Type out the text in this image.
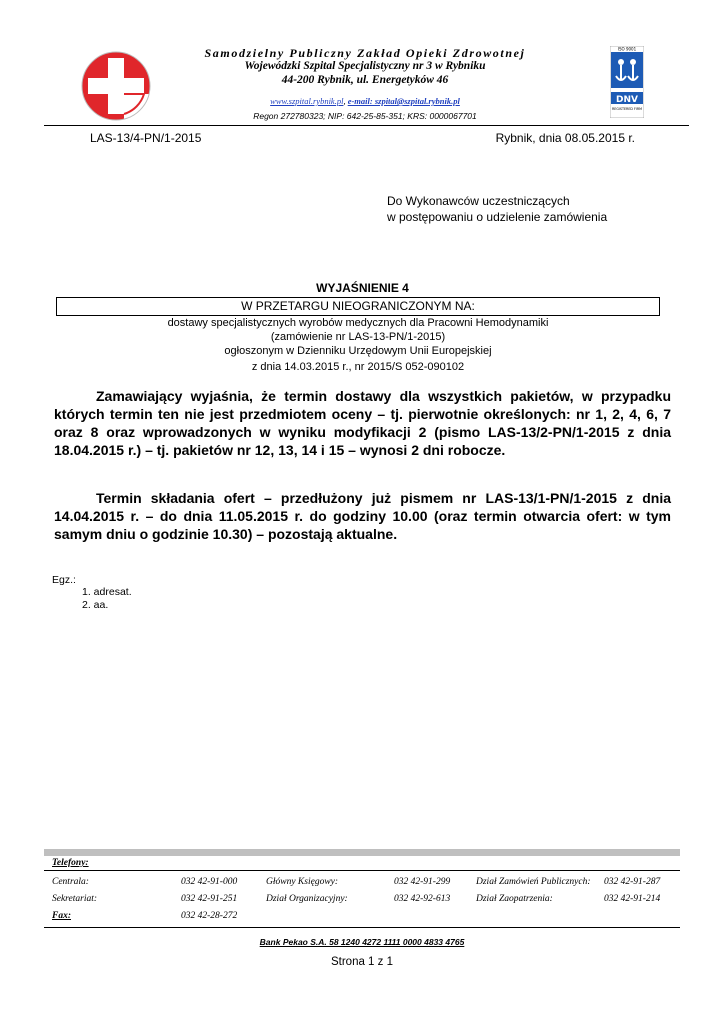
Samodzielny Publiczny Zakład Opieki Zdrowotnej
Wojewódzki Szpital Specjalistyczny nr 3 w Rybniku
44-200 Rybnik, ul. Energetyków 46
www.szpital.rybnik.pl, e-mail: szpital@szpital.rybnik.pl
Regon 272780323; NIP: 642-25-85-351; KRS: 0000067701
ISO 9001
DNV
REGISTERED FIRM
LAS-13/4-PN/1-2015	Rybnik, dnia 08.05.2015 r.
Do Wykonawców uczestniczących
w postępowaniu o udzielenie zamówienia
WYJAŚNIENIE 4
W PRZETARGU NIEOGRANICZONYM NA:
dostawy specjalistycznych wyrobów medycznych dla Pracowni Hemodynamiki
(zamówienie nr LAS-13-PN/1-2015)
ogłoszonym w Dzienniku Urzędowym Unii Europejskiej
z dnia 14.03.2015 r., nr 2015/S 052-090102
Zamawiający wyjaśnia, że termin dostawy dla wszystkich pakietów, w przypadku
których termin ten nie jest przedmiotem oceny – tj. pierwotnie określonych: nr 1, 2, 4, 6, 7
oraz 8 oraz wprowadzonych w wyniku modyfikacji 2 (pismo LAS-13/2-PN/1-2015 z dnia
18.04.2015 r.) – tj. pakietów nr 12, 13, 14 i 15 – wynosi 2 dni robocze.
Termin składania ofert – przedłużony już pismem nr LAS-13/1-PN/1-2015 z dnia
14.04.2015 r. – do dnia 11.05.2015 r. do godziny 10.00 (oraz termin otwarcia ofert: w tym
samym dniu o godzinie 10.30) – pozostają aktualne.
Egz.:
1. adresat.
2. aa.
Telefony:
Centrala:	032 42-91-000	Główny Księgowy:	032 42-91-299	Dział Zamówień Publicznych: 032 42-91-287
Sekretariat:	032 42-91-251	Dział Organizacyjny:	032 42-92-613	Dział Zaopatrzenia:	032 42-91-214
Fax:	032 42-28-272
Bank Pekao S.A. 58 1240 4272 1111 0000 4833 4765
Strona 1 z 1
